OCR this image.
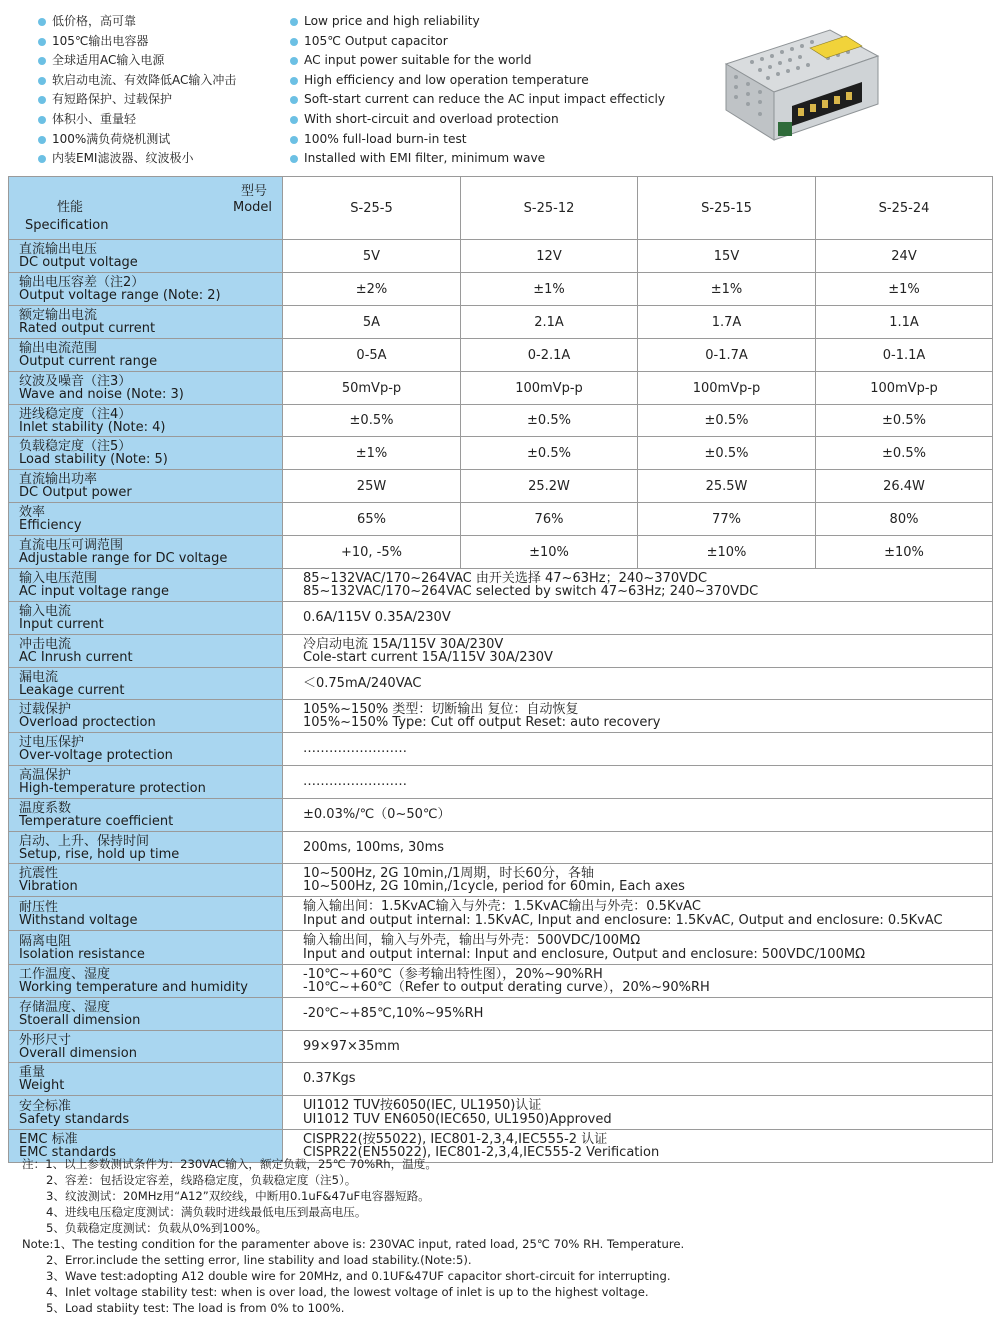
低价格，高可靠
105℃输出电容器
全球适用AC输入电源
软启动电流、有效降低AC输入冲击
有短路保护、过载保护
体积小、重量轻
100%满负荷烧机测试
内装EMI滤波器、纹波极小
Low price and high reliability
105℃ Output capacitor
AC input power suitable for the world
High efficiency and low operation temperature
Soft-start current can reduce the AC input impact effecticly
With short-circuit and overload protection
100% full-load burn-in test
Installed with EMI filter, minimum wave
型号
Model
性能
Specification	S-25-5	S-25-12	S-25-15	S-25-24

直流输出电压
DC output voltage	5V	12V	15V	24V

输出电压容差（注2）
Output voltage range (Note: 2)	±2%	±1%	±1%	±1%

额定输出电流
Rated output current	5A	2.1A	1.7A	1.1A

输出电流范围
Output current range	0-5A	0-2.1A	0-1.7A	0-1.1A

纹波及噪音（注3）
Wave and noise (Note: 3)	50mVp-p	100mVp-p	100mVp-p	100mVp-p

进线稳定度（注4）
Inlet stability (Note: 4)	±0.5%	±0.5%	±0.5%	±0.5%

负载稳定度（注5）
Load stability (Note: 5)	±1%	±0.5%	±0.5%	±0.5%

直流输出功率
DC Output power	25W	25.2W	25.5W	26.4W

效率
Efficiency	65%	76%	77%	80%

直流电压可调范围
Adjustable range for DC voltage	+10, -5%	±10%	±10%	±10%

输入电压范围
AC input voltage range	85~132VAC/170~264VAC 由开关选择 47~63Hz；240~370VDC
85~132VAC/170~264VAC selected by switch 47~63Hz; 240~370VDC			

输入电流
Input current	0.6A/115V 0.35A/230V			

冲击电流
AC Inrush current	冷启动电流 15A/115V 30A/230V
Cole-start current 15A/115V 30A/230V			

漏电流
Leakage current	＜0.75mA/240VAC			

过载保护
Overload proctection	105%~150% 类型：切断输出 复位：自动恢复
105%~150% Type: Cut off output Reset: auto recovery			

过电压保护
Over-voltage protection	……………………			

高温保护
High-temperature protection	……………………			

温度系数
Temperature coefficient	±0.03%/℃（0~50℃）			

启动、上升、保持时间
Setup, rise, hold up time	200ms, 100ms, 30ms			

抗震性
Vibration	10~500Hz, 2G 10min,/1周期，时长60分，各轴
10~500Hz, 2G 10min,/1cycle, period for 60min, Each axes			

耐压性
Withstand voltage	输入输出间：1.5KvAC输入与外壳：1.5KvAC输出与外壳：0.5KvAC
Input and output internal: 1.5KvAC, Input and enclosure: 1.5KvAC, Output and enclosure: 0.5KvAC			

隔离电阻
Isolation resistance	输入输出间，输入与外壳，输出与外壳：500VDC/100MΩ
Input and output internal: Input and enclosure, Output and enclosure: 500VDC/100MΩ			

工作温度、湿度
Working temperature and humidity	-10℃~+60℃（参考输出特性图），20%~90%RH
-10℃~+60℃（Refer to output derating curve），20%~90%RH			

存储温度、湿度
Stoerall dimension	-20℃~+85℃,10%~95%RH			

外形尺寸
Overall dimension	99×97×35mm			

重量
Weight	0.37Kgs			

安全标准
Safety standards	UI1012 TUV按6050(IEC, UL1950)认证
UI1012 TUV EN6050(IEC650, UL1950)Approved			

EMC 标准
EMC standards	CISPR22(按55022), IEC801-2,3,4,IEC555-2 认证
CISPR22(EN55022), IEC801-2,3,4,IEC555-2 Verification			
注：1、以上参数测试条件为：230VAC输入，额定负载，25℃ 70%Rh，温度。
2、容差：包括设定容差，线路稳定度，负载稳定度（注5）。
3、纹波测试：20MHz用“A12”双绞线，中断用0.1uF&47uF电容器短路。
4、进线电压稳定度测试：满负载时进线最低电压到最高电压。
5、负载稳定度测试：负载从0%到100%。
Note:1、The testing condition for the paramenter above is: 230VAC input, rated load, 25℃ 70% RH. Temperature.
2、Error.include the setting error, line stability and load stability.(Note:5).
3、Wave test:adopting A12 double wire for 20MHz, and 0.1UF&47UF capacitor short-circuit for interrupting.
4、Inlet voltage stability test: when is over load, the lowest voltage of inlet is up to the highest voltage.
5、Load stabiity test: The load is from 0% to 100%.
